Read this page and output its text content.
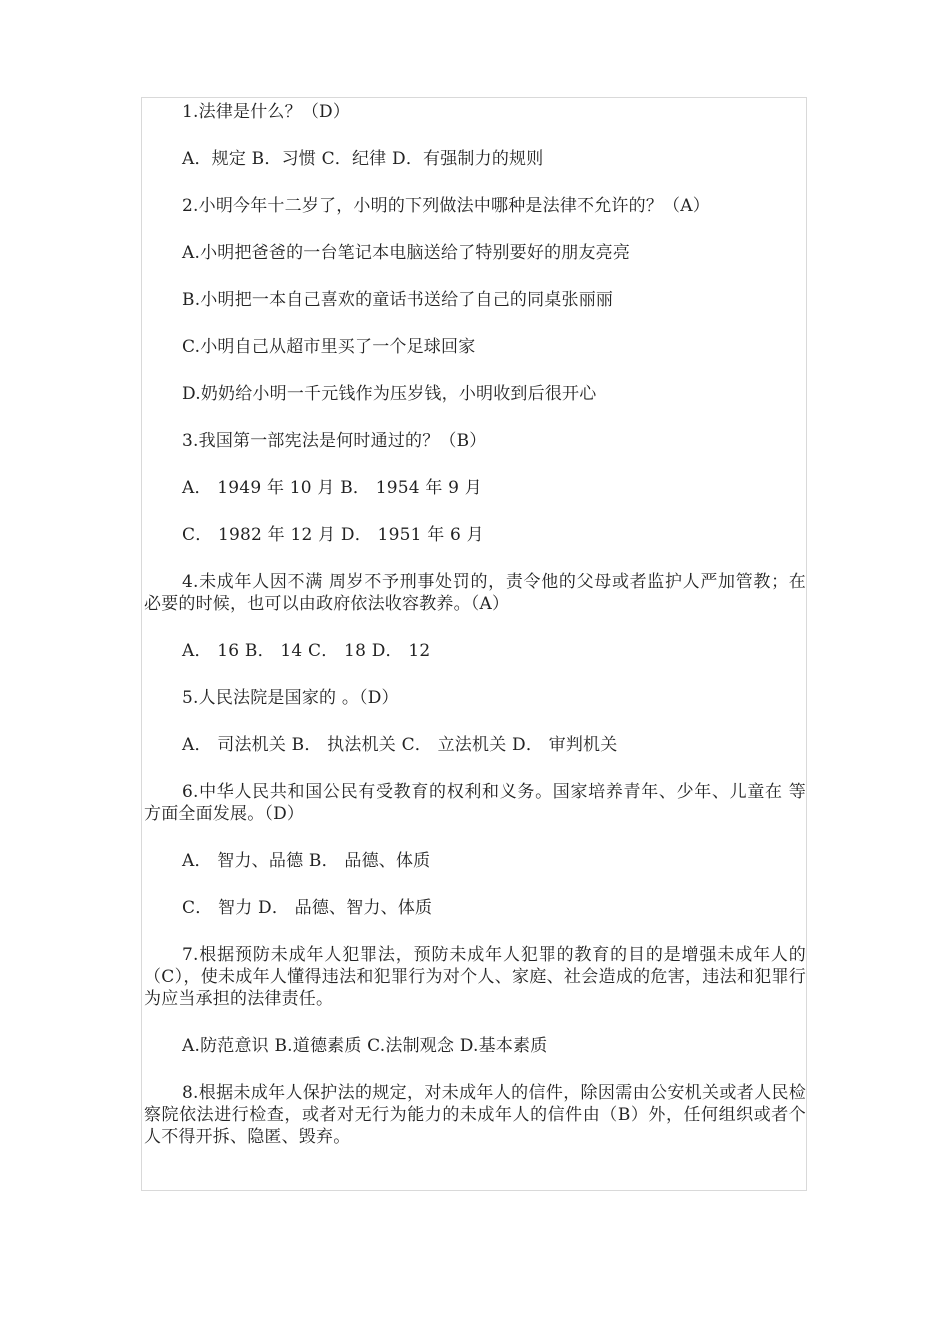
1.法律是什么？（D）

A．规定 B．习惯 C．纪律 D．有强制力的规则

2.小明今年十二岁了，小明的下列做法中哪种是法律不允许的？（A）

A.小明把爸爸的一台笔记本电脑送给了特别要好的朋友亮亮

B.小明把一本自己喜欢的童话书送给了自己的同桌张丽丽

C.小明自己从超市里买了一个足球回家

D.奶奶给小明一千元钱作为压岁钱，小明收到后很开心

3.我国第一部宪法是何时通过的？（B）

A． 1949 年 10 月 B． 1954 年 9 月

C． 1982 年 12 月 D． 1951 年 6 月

4.未成年人因不满 周岁不予刑事处罚的，责令他的父母或者监护人严加管教；在必要的时候，也可以由政府依法收容教养。（A）

A． 16 B． 14 C． 18 D． 12

5.人民法院是国家的 。（D）

A． 司法机关 B． 执法机关 C． 立法机关 D． 审判机关

6.中华人民共和国公民有受教育的权利和义务。国家培养青年、少年、儿童在 等方面全面发展。（D）

A． 智力、品德 B． 品德、体质

C． 智力 D． 品德、智力、体质

7.根据预防未成年人犯罪法，预防未成年人犯罪的教育的目的是增强未成年人的（C），使未成年人懂得违法和犯罪行为对个人、家庭、社会造成的危害，违法和犯罪行为应当承担的法律责任。

A.防范意识 B.道德素质 C.法制观念 D.基本素质

8.根据未成年人保护法的规定，对未成年人的信件，除因需由公安机关或者人民检察院依法进行检查，或者对无行为能力的未成年人的信件由（B）外，任何组织或者个人不得开拆、隐匿、毁弃。
